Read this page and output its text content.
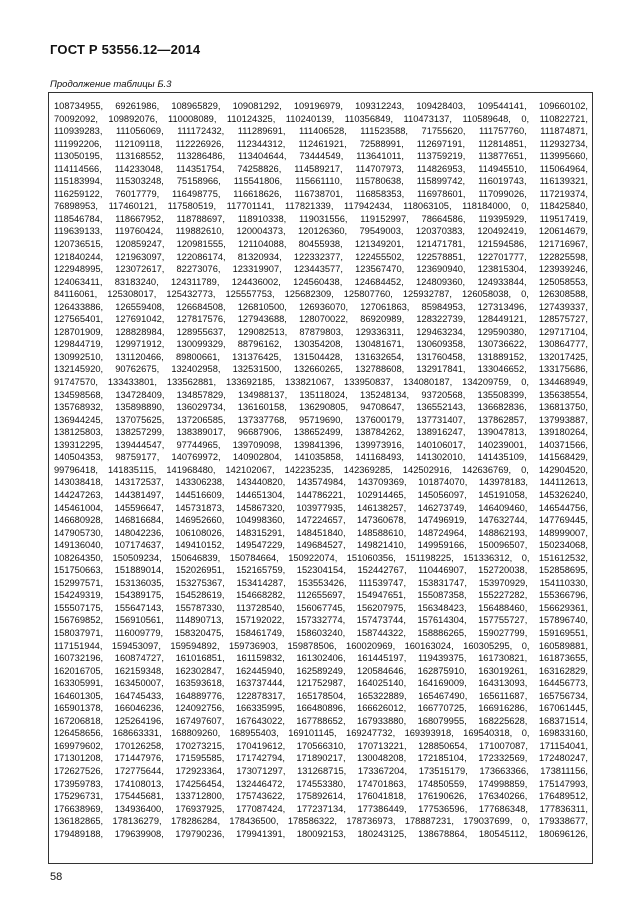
ГОСТ Р 53556.12—2014
Продолжение таблицы Б.3
108734955, 69261986, 108965829, 109081292, 109196979, 109312243, 109428403, 109544141, 109660102,
70092092, 109892076, 110008089, 110124325, 110240139, 110356849, 110473137, 110589648, 0, 110822721,
110939283, 111056069, 111172432, 111289691, 111406528, 111523588, 71755620, 111757760, 111874871,
111992206, 112109118, 112226926, 112344312, 112461921, 72588991, 112697191, 112814851, 112932734,
113050195, 113168552, 113286486, 113404644, 73444549, 113641011, 113759219, 113877651, 113995660,
114114566, 114233048, 114351754, 74258826, 114589217, 114707973, 114826953, 114945510, 115064964,
115183994, 115303248, 75158966, 115541806, 115661110, 115780638, 115899742, 116019743, 116139321,
116259122, 76017779, 116498775, 116618626, 116738701, 116858353, 116978601, 117099026, 117219374,
76898953, 117460121, 117580519, 117701141, 117821339, 117942434, 118063105, 118184000, 0, 118425840,
118546784, 118667952, 118788697, 118910338, 119031556, 119152997, 78664586, 119395929, 119517419,
119639133, 119760424, 119882610, 120004373, 120126360, 79549003, 120370383, 120492419, 120614679,
120736515, 120859247, 120981555, 121104088, 80455938, 121349201, 121471781, 121594586, 121716967,
121840244, 121963097, 122086174, 81320934, 122332377, 122455502, 122578851, 122701777, 122825598,
122948995, 123072617, 82273076, 123319907, 123443577, 123567470, 123690940, 123815304, 123939246,
124063411, 83183240, 124311789, 124436002, 124560438, 124684452, 124809360, 124933844, 125058553,
84116061, 125308017, 125432773, 125557753, 125682309, 125807760, 125932787, 126058038, 0, 126308588,
126433886, 126559408, 126684508, 126810500, 126936070, 127061863, 85984953, 127313496, 127439337,
127565401, 127691042, 127817576, 127943688, 128070022, 86920989, 128322739, 128449121, 128575727,
128701909, 128828984, 128955637, 129082513, 87879803, 129336311, 129463234, 129590380, 129717104,
129844719, 129971912, 130099329, 88796162, 130354208, 130481671, 130609358, 130736622, 130864777,
130992510, 131120466, 89800661, 131376425, 131504428, 131632654, 131760458, 131889152, 132017425,
132145920, 90762675, 132402958, 132531500, 132660265, 132788608, 132917841, 133046652, 133175686,
91747570, 133433801, 133562881, 133692185, 133821067, 133950837, 134080187, 134209759, 0, 134468949,
134598568, 134728409, 134857829, 134988137, 135118024, 135248134, 93720568, 135508399, 135638554,
135768932, 135898890, 136029734, 136160158, 136290805, 94708647, 136552143, 136682836, 136813750,
136944245, 137075625, 137206585, 137337768, 95719690, 137600179, 137731407, 137862857, 137993887,
138125803, 138257299, 138389017, 96687906, 138652499, 138784262, 138916247, 139047813, 139180264,
139312295, 139444547, 97744965, 139709098, 139841396, 139973916, 140106017, 140239001, 140371566,
140504353, 98759177, 140769972, 140902804, 141035858, 141168493, 141302010, 141435109, 141568429,
99796418, 141835115, 141968480, 142102067, 142235235, 142369285, 142502916, 142636769, 0, 142904520,
143038418, 143172537, 143306238, 143440820, 143574984, 143709369, 101874070, 143978183, 144112613,
144247263, 144381497, 144516609, 144651304, 144786221, 102914465, 145056097, 145191058, 145326240,
145461004, 145596647, 145731873, 145867320, 103977935, 146138257, 146273749, 146409460, 146544756,
146680928, 146816684, 146952660, 104998360, 147224657, 147360678, 147496919, 147632744, 147769445,
147905730, 148042236, 106108026, 148315291, 148451840, 148588610, 148724964, 148862193, 148999007,
149136040, 107174637, 149410152, 149547229, 149684527, 149821410, 149959166, 150096507, 150234068,
108264350, 150509234, 150646839, 150784664, 150922074, 151060356, 151198225, 151336312, 0, 151612532,
151750663, 151889014, 152026951, 152165759, 152304154, 152442767, 110446907, 152720038, 152858695,
152997571, 153136035, 153275367, 153414287, 153553426, 111539747, 153831747, 153970929, 154110330,
154249319, 154389175, 154528619, 154668282, 112655697, 154947651, 155087358, 155227282, 155366796,
155507175, 155647143, 155787330, 113728540, 156067745, 156207975, 156348423, 156488460, 156629361,
156769852, 156910561, 114890713, 157192022, 157332774, 157473744, 157614304, 157755727, 157896740,
158037971, 116009779, 158320475, 158461749, 158603240, 158744322, 158886265, 159027799, 159169551,
117151944, 159453097, 159594892, 159736903, 159878506, 160020969, 160163024, 160305295, 0, 160589881,
160732196, 160874727, 161016851, 161159832, 161302406, 161445197, 119439375, 161730821, 161873655,
162016705, 162159348, 162302847, 162445940, 162589249, 120584646, 162875910, 163019261, 163162829,
163305991, 163450007, 163593618, 163737444, 121752987, 164025140, 164169009, 164313093, 164456773,
164601305, 164745433, 164889776, 122878317, 165178504, 165322889, 165467490, 165611687, 165756734,
165901378, 166046236, 124092756, 166335995, 166480896, 166626012, 166770725, 166916286, 167061445,
167206818, 125264196, 167497607, 167643022, 167788652, 167933880, 168079955, 168225628, 168371514,
126458656, 168663331, 168809260, 168955403, 169101145, 169247732, 169393918, 169540318, 0, 169833160,
169979602, 170126258, 170273215, 170419612, 170566310, 170713221, 128850654, 171007087, 171154041,
171301208, 171447976, 171595585, 171742794, 171890217, 130048208, 172185104, 172332569, 172480247,
172627526, 172775644, 172923364, 173071297, 131268715, 173367204, 173515179, 173663366, 173811156,
173959783, 174108013, 174256454, 132446472, 174553380, 174701863, 174850559, 174998859, 175147993,
175296731, 175445681, 133712800, 175743622, 175892614, 176041818, 176190626, 176340266, 176489512,
176638969, 134936400, 176937925, 177087424, 177237134, 177386449, 177536596, 177686348, 177836311,
136182865, 178136279, 178286284, 178436500, 178586322, 178736973, 178887231, 179037699, 0, 179338677,
179489188, 179639908, 179790236, 179941391, 180092153, 180243125, 138678864, 180545112, 180696126,
58
